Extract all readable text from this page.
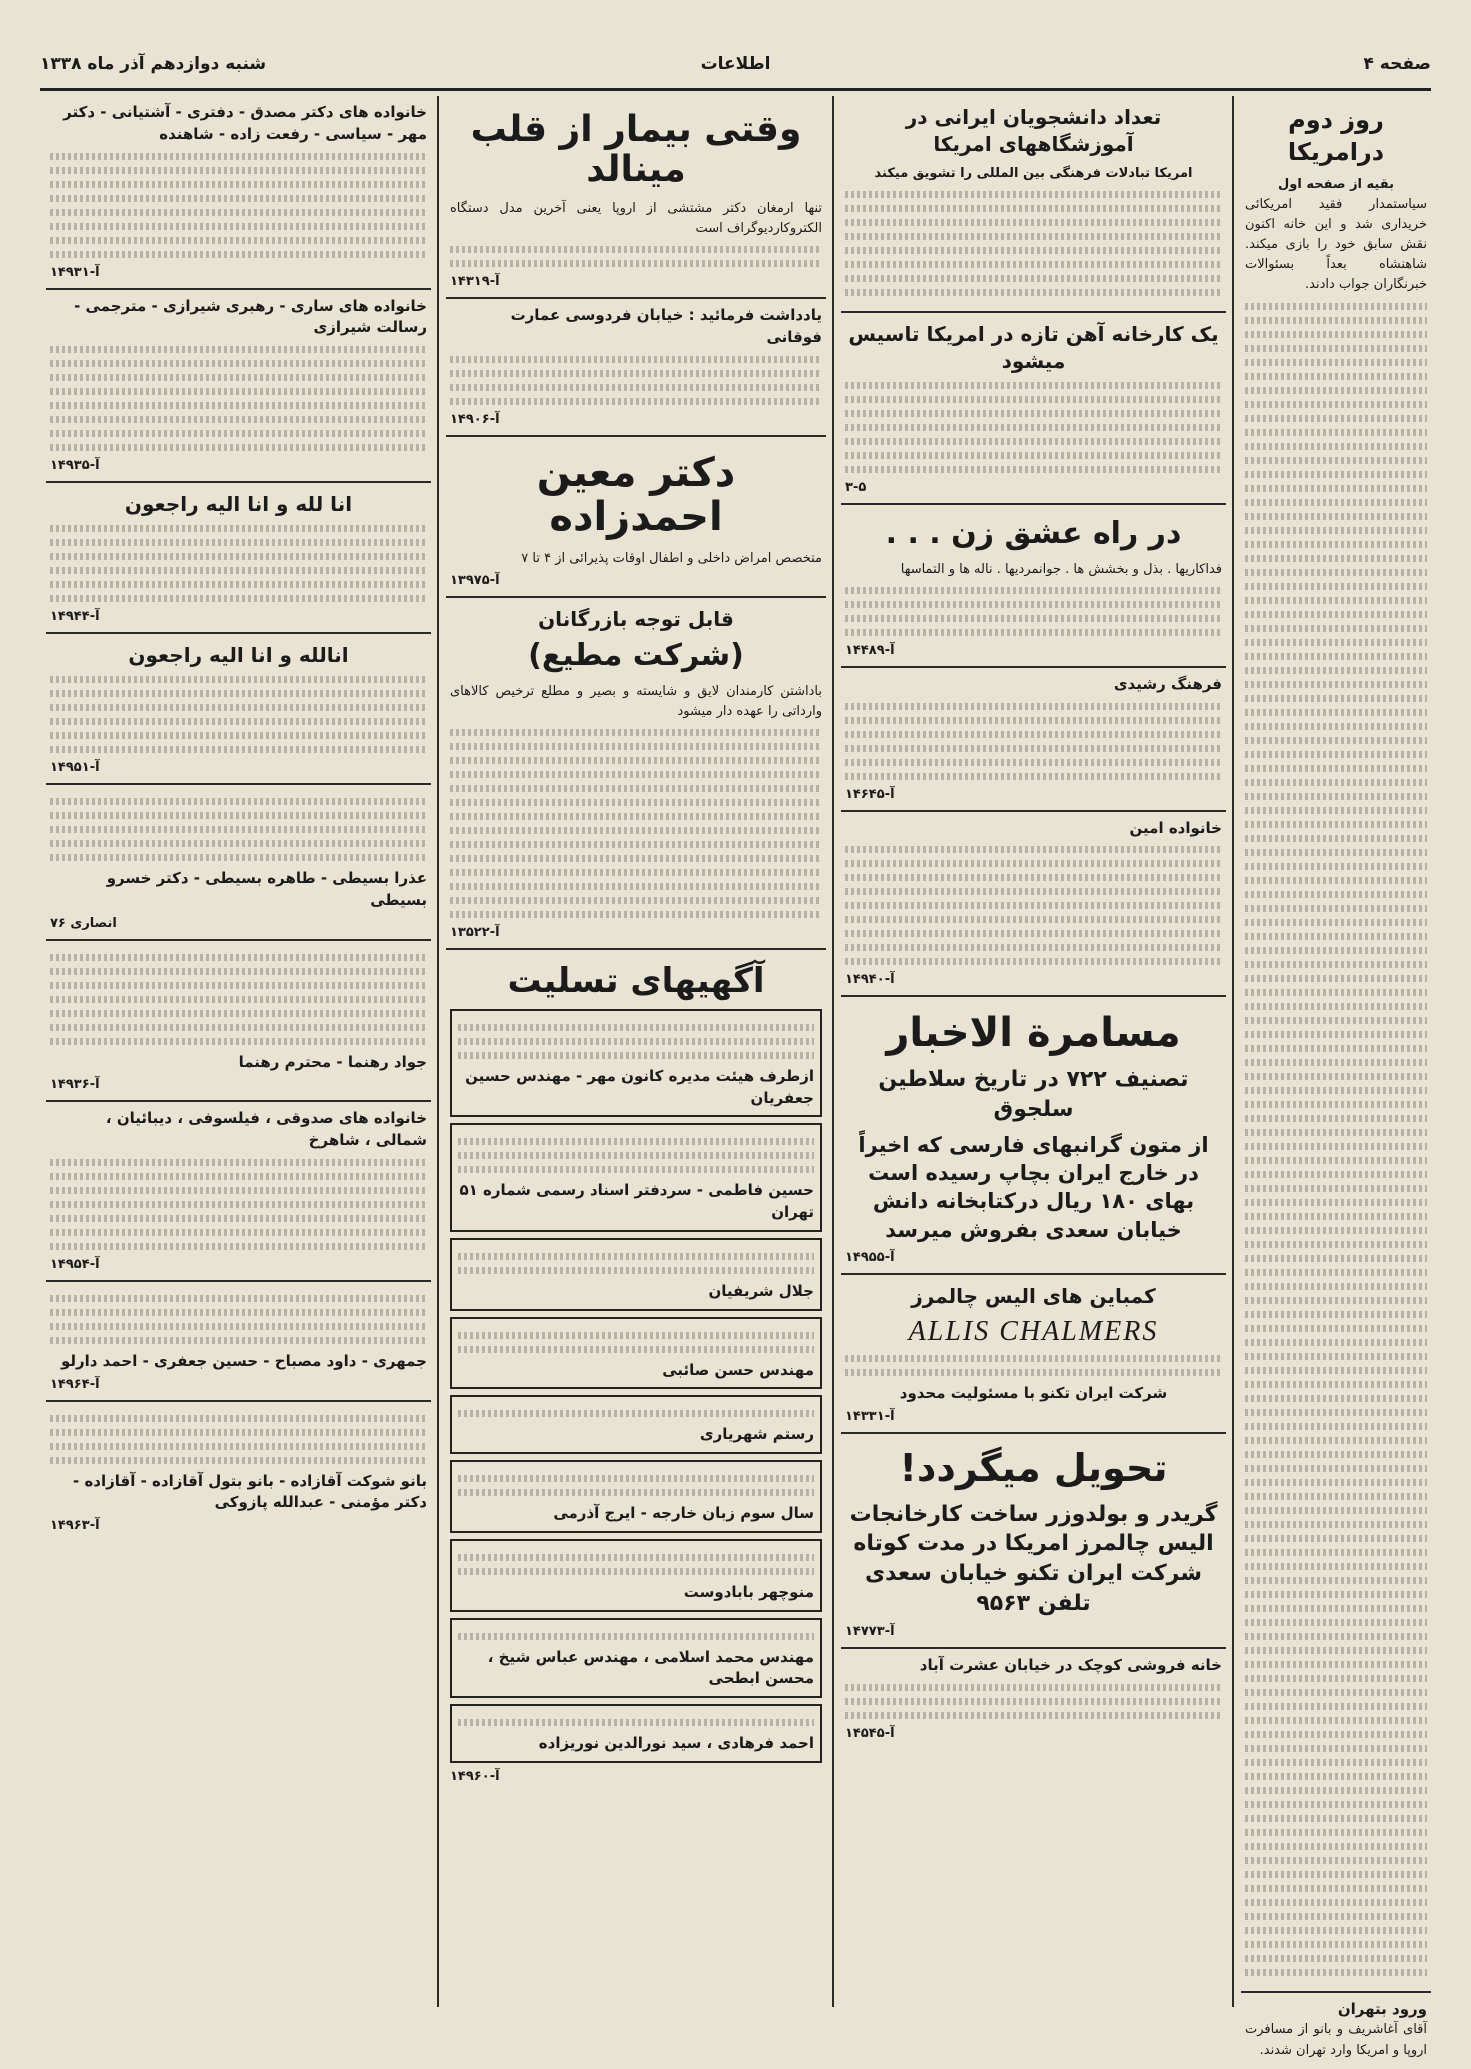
صفحه ۴
اطلاعات
شنبه دوازدهم آذر ماه ۱۳۳۸
روز دوم درامریکا
بقیه از صفحه اول
سیاستمدار فقید امریکائی خریداری شد و این خانه اکنون نقش سابق خود را بازی میکند. شاهنشاه بعداً بسئوالات خبرنگاران جواب دادند.
ورود بتهران
آقای آغاشریف و بانو از مسافرت اروپا و امریکا وارد تهران شدند.
تعداد دانشجویان ایرانی در آموزشگاههای امریکا
امریکا تبادلات فرهنگی بین المللی را تشویق میکند
یک کارخانه آهن تازه در امریکا تاسیس میشود
۳-۵
در راه عشق زن . . .
فداکاریها . بذل و بخشش ها . جوانمردیها . ناله ها و التماسها
آ-۱۴۴۸۹
فرهنگ رشیدی
آ-۱۴۶۴۵
خانواده امین
آ-۱۴۹۴۰
مسامرة الاخبار
تصنیف ۷۲۲ در تاریخ سلاطین سلجوق
از متون گرانبهای فارسی که اخیراً در خارج ایران بچاپ رسیده است بهای ۱۸۰ ریال درکتابخانه دانش خیابان سعدی بفروش میرسد
آ-۱۴۹۵۵
کمباین های الیس چالمرز
ALLIS CHALMERS
شرکت ایران تکنو با مسئولیت محدود
آ-۱۴۳۳۱
تحویل میگردد!
گریدر و بولدوزر ساخت کارخانجات الیس چالمرز امریکا در مدت کوتاه شرکت ایران تکنو خیابان سعدی تلفن ۹۵۶۳
آ-۱۴۷۷۳
خانه فروشی کوچک در خیابان عشرت آباد
آ-۱۴۵۴۵
وقتی بیمار از قلب مینالد
تنها ارمغان دکتر مشتشی از اروپا یعنی آخرین مدل دستگاه الکتروکاردیوگراف است
آ-۱۴۳۱۹
یادداشت فرمائید : خیابان فردوسی عمارت فوقانی
آ-۱۴۹۰۶
دکتر معین احمدزاده
متخصص امراض داخلی و اطفال اوقات پذیرائی از ۴ تا ۷
آ-۱۳۹۷۵
قابل توجه بازرگانان
(شرکت مطیع)
باداشتن کارمندان لایق و شایسته و بصیر و مطلع ترخیص کالاهای وارداتی را عهده دار میشود
آ-۱۳۵۲۲
آگهیهای تسلیت
ازطرف هیئت مدیره کانون مهر - مهندس حسین جعفریان
حسین فاطمی - سردفتر اسناد رسمی شماره ۵۱ تهران
جلال شریفیان
مهندس حسن صائبی
رستم شهریاری
سال سوم زبان خارجه - ایرج آذرمی
منوچهر بابادوست
مهندس محمد اسلامی ، مهندس عباس شیخ ، محسن ابطحی
احمد فرهادی ، سید نورالدین نوریزاده
آ-۱۴۹۶۰
خانواده های دکتر مصدق - دفتری - آشتیانی - دکتر مهر - سیاسی - رفعت زاده - شاهنده
آ-۱۴۹۳۱
خانواده های ساری - رهبری شیرازی - مترجمی - رسالت شیرازی
آ-۱۴۹۳۵
انا لله و انا الیه راجعون
آ-۱۴۹۴۴
انالله و انا الیه راجعون
آ-۱۴۹۵۱
عذرا بسیطی - طاهره بسیطی - دکتر خسرو بسیطی
انصاری ۷۶
جواد رهنما - محترم رهنما
آ-۱۴۹۳۶
خانواده های صدوقی ، فیلسوفی ، دیبائیان ، شمالی ، شاهرخ
آ-۱۴۹۵۴
جمهری - داود مصباح - حسین جعفری - احمد دارلو
آ-۱۴۹۶۴
بانو شوکت آقازاده - بانو بتول آقازاده - آقازاده - دکتر مؤمنی - عبدالله پازوکی
آ-۱۴۹۶۳
